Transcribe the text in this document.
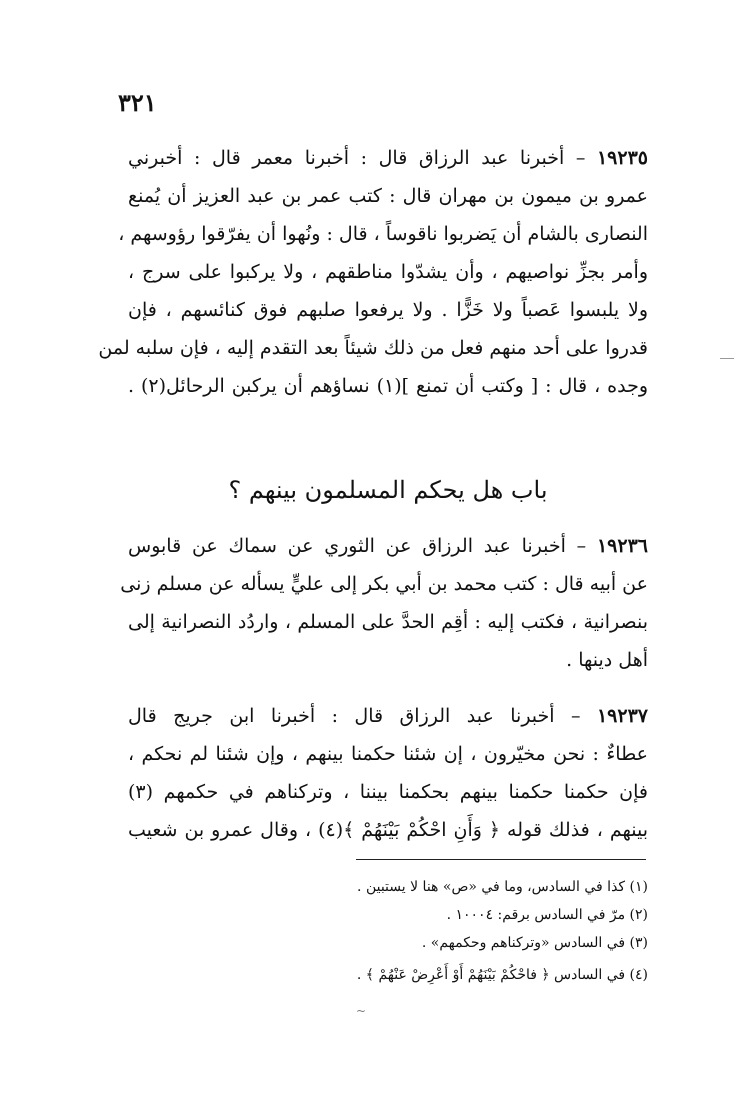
٣٢١
١٩٢٣٥ – أخبرنا عبد الرزاق قال : أخبرنا معمر قال : أخبرني
عمرو بن ميمون بن مهران قال : كتب عمر بن عبد العزيز أن يُمنع
النصارى بالشام أن يَضربوا ناقوساً ، قال : ونُهوا أن يفرّقوا رؤوسهم ،
وأمر بجزِّ نواصيهم ، وأن يشدّوا مناطقهم ، ولا يركبوا على سرج ،
ولا يلبسوا عَصباً ولا خَزًّا . ولا يرفعوا صلبهم فوق كنائسهم ، فإن
قدروا على أحد منهم فعل من ذلك شيئاً بعد التقدم إليه ، فإن سلبه لمن
وجده ، قال : [ وكتب أن تمنع ](١) نساؤهم أن يركبن الرحائل(٢) .
باب هل يحكم المسلمون بينهم ؟
١٩٢٣٦ – أخبرنا عبد الرزاق عن الثوري عن سماك عن قابوس
عن أبيه قال : كتب محمد بن أبي بكر إلى عليٍّ يسأله عن مسلم زنى
بنصرانية ، فكتب إليه : أقِم الحدَّ على المسلم ، واردُد النصرانية إلى
أهل دينها .
١٩٢٣٧ – أخبرنا عبد الرزاق قال : أخبرنا ابن جريج قال
عطاءٌ : نحن مخيّرون ، إن شئنا حكمنا بينهم ، وإن شئنا لم نحكم ،
فإن حكمنا حكمنا بينهم بحكمنا بيننا ، وتركناهم في حكمهم (٣)
بينهم ، فذلك قوله ﴿ وَأَنِ احْكُمْ بَيْنَهُمْ ﴾(٤) ، وقال عمرو بن شعيب
(١) كذا في السادس، وما في «ص» هنا لا يستبين .
(٢) مرّ في السادس برقم: ١٠٠٠٤ .
(٣) في السادس «وتركناهم وحكمهم» .
(٤) في السادس ﴿ فاحْكُمْ بَيْنَهُمْ أَوْ أَعْرِضْ عَنْهُمْ ﴾ .
~
